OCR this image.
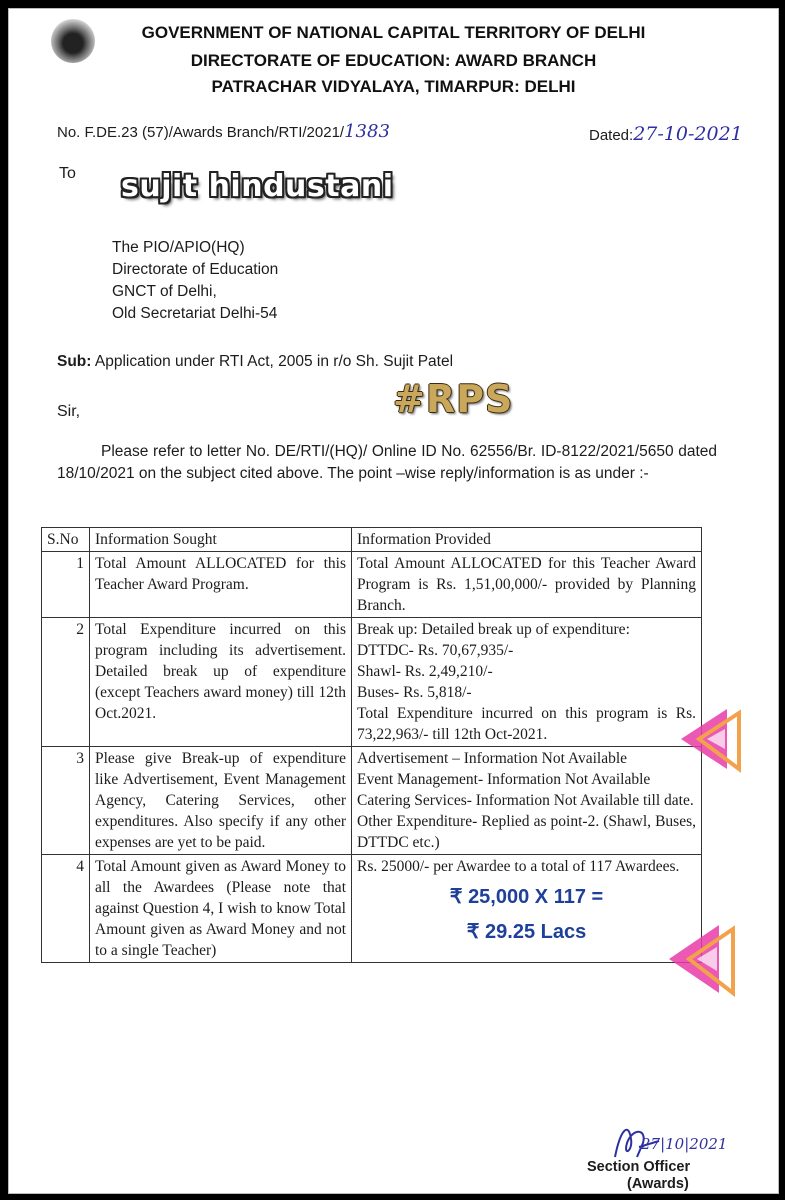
GOVERNMENT OF NATIONAL CAPITAL TERRITORY OF DELHI
DIRECTORATE OF EDUCATION: AWARD BRANCH
PATRACHAR VIDYALAYA, TIMARPUR: DELHI
No. F.DE.23 (57)/Awards Branch/RTI/2021/1383	Dated:27-10-2021
To sujit hindustani
The PIO/APIO(HQ)
Directorate of Education
GNCT of Delhi,
Old Secretariat Delhi-54
Sub: Application under RTI Act, 2005 in r/o Sh. Sujit Patel
Sir,	#RPS
Please refer to letter No. DE/RTI/(HQ)/ Online ID No. 62556/Br. ID-8122/2021/5650 dated 18/10/2021 on the subject cited above. The point –wise reply/information is as under :-
S.No	Information Sought	Information Provided
1	Total Amount ALLOCATED for this Teacher Award Program.	Total Amount ALLOCATED for this Teacher Award Program is Rs. 1,51,00,000/- provided by Planning Branch.

2	Total Expenditure incurred on this program including its advertisement. Detailed break up of expenditure (except Teachers award money) till 12th Oct.2021.	Break up: Detailed break up of expenditure:
DTTDC- Rs. 70,67,935/-
Shawl- Rs. 2,49,210/-
Buses- Rs. 5,818/-
Total Expenditure incurred on this program is Rs. 73,22,963/- till 12th Oct-2021.

3	Please give Break-up of expenditure like Advertisement, Event Management Agency, Catering Services, other expenditures. Also specify if any other expenses are yet to be paid.	Advertisement – Information Not Available
Event Management- Information Not Available
Catering Services- Information Not Available till date.
Other Expenditure- Replied as point-2. (Shawl, Buses, DTTDC etc.)

4	Total Amount given as Award Money to all the Awardees (Please note that against Question 4, I wish to know Total Amount given as Award Money and not to a single Teacher)	Rs. 25000/- per Awardee to a total of 117 Awardees.
₹ 25,000 X 117 =
₹ 29.25 Lacs
27|10|2021
Section Officer
(Awards)
